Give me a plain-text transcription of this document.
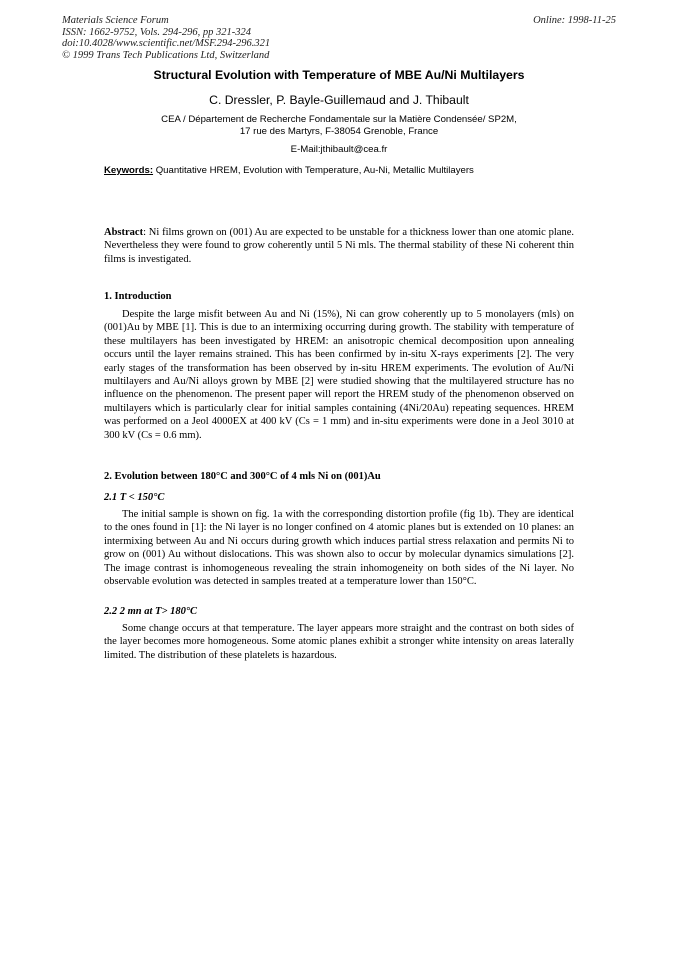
Materials Science Forum
ISSN: 1662-9752, Vols. 294-296, pp 321-324
doi:10.4028/www.scientific.net/MSF.294-296.321
© 1999 Trans Tech Publications Ltd, Switzerland
Online: 1998-11-25
Structural Evolution with Temperature of MBE Au/Ni Multilayers
C. Dressler, P. Bayle-Guillemaud and J. Thibault
CEA / Département de Recherche Fondamentale sur la Matière Condensée/ SP2M,
17 rue des Martyrs, F-38054 Grenoble, France
E-Mail:jthibault@cea.fr
Keywords: Quantitative HREM, Evolution with Temperature, Au-Ni, Metallic Multilayers
Abstract: Ni films grown on (001) Au are expected to be unstable for a thickness lower than one atomic plane. Nevertheless they were found to grow coherently until 5 Ni mls. The thermal stability of these Ni coherent thin films is investigated.
1. Introduction

Despite the large misfit between Au and Ni (15%), Ni can grow coherently up to 5 monolayers (mls) on (001)Au by MBE [1]. This is due to an intermixing occurring during growth. The stability with temperature of these multilayers has been investigated by HREM: an anisotropic chemical decomposition upon annealing occurs until the layer remains strained. This has been confirmed by in-situ X-rays experiments [2]. The very early stages of the transformation has been observed by in-situ HREM experiments. The evolution of Au/Ni multilayers and Au/Ni alloys grown by MBE [2] were studied showing that the multilayered structure has no influence on the phenomenon. The present paper will report the HREM study of the phenomenon observed on multilayers which is particularly clear for initial samples containing (4Ni/20Au) repeating sequences. HREM was performed on a Jeol 4000EX at 400 kV (Cs = 1 mm) and in-situ experiments were done in a Jeol 3010 at 300 kV (Cs = 0.6 mm).

2. Evolution between 180°C and 300°C of 4 mls Ni on (001)Au
2.1 T < 150°C

The initial sample is shown on fig. 1a with the corresponding distortion profile (fig 1b). They are identical to the ones found in [1]: the Ni layer is no longer confined on 4 atomic planes but is extended on 10 planes: an intermixing between Au and Ni occurs during growth which induces partial stress relaxation and permits Ni to grow on (001) Au without dislocations. This was shown also to occur by molecular dynamics simulations [2]. The image contrast is inhomogeneous revealing the strain inhomogeneity on both sides of the Ni layer. No observable evolution was detected in samples treated at a temperature lower than 150°C.

2.2 2 mn at T> 180°C

Some change occurs at that temperature. The layer appears more straight and the contrast on both sides of the layer becomes more homogeneous. Some atomic planes exhibit a stronger white intensity on areas laterally limited. The distribution of these platelets is hazardous.
